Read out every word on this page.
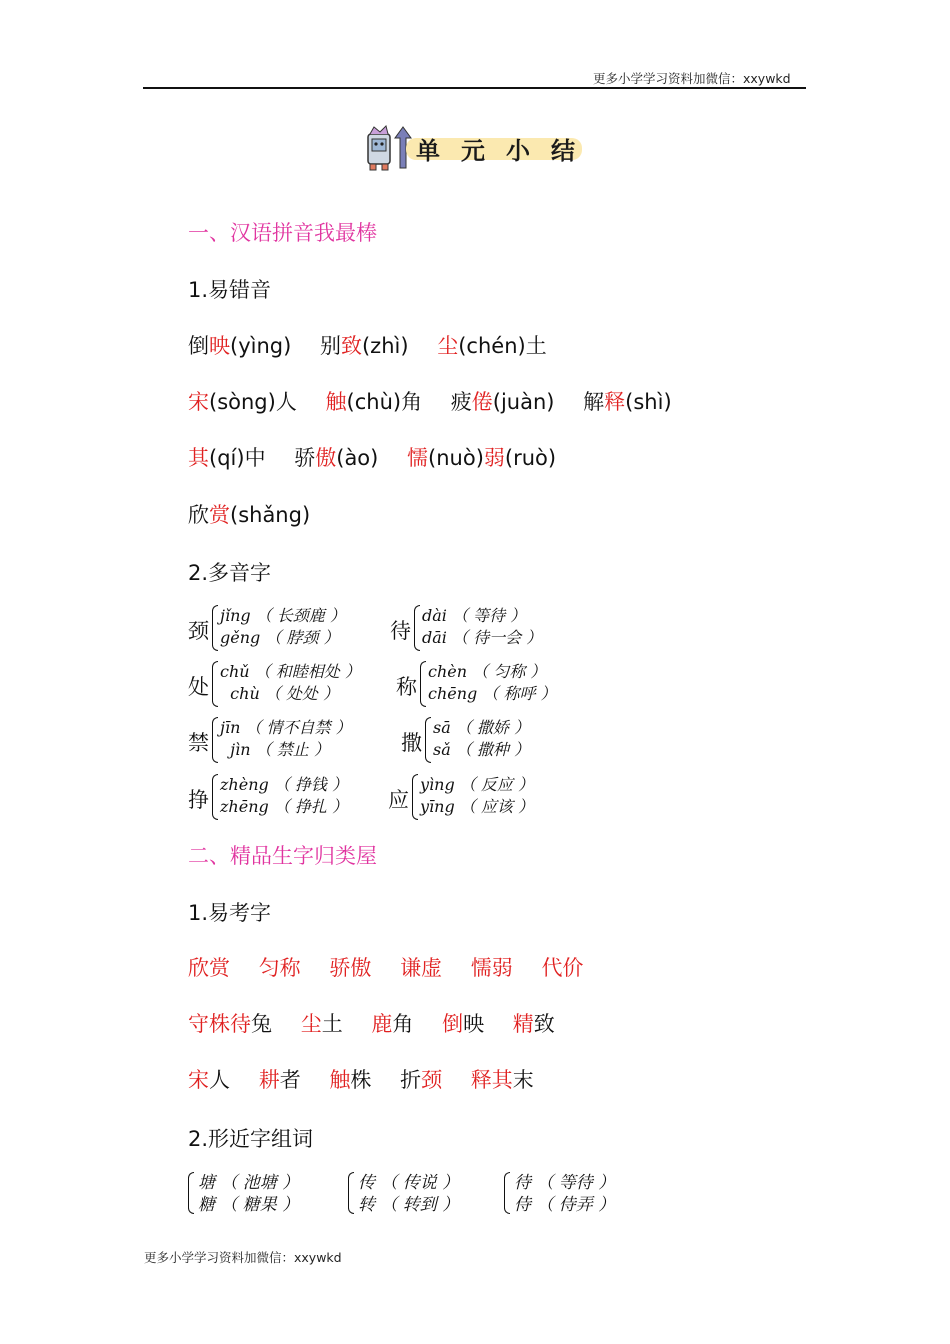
更多小学学习资料加微信：xxywkd
单元小结
一、汉语拼音我最棒
1.易错音
倒映(yìng) 别致(zhì) 尘(chén)土
宋(sòng)人 触(chù)角 疲倦(juàn) 解释(shì)
其(qí)中 骄傲(ào) 懦(nuò)弱(ruò)
欣赏(shǎng)
2.多音字
颈
jǐng （ 长颈鹿 ）
gěng （ 脖颈 ） 待
dài （ 等待 ）
dāi （ 待一会 ）
处
chǔ （ 和睦相处 ）
chù （ 处处 ）	称
chèn （ 匀称 ）
chēng （ 称呼 ）
禁
jīn （ 情不自禁 ）
jìn （ 禁止 ）	撒
sā （ 撒娇 ）
sǎ （ 撒种 ）
挣
zhèng （ 挣钱 ）
zhēng （ 挣扎 ） 应
yìng （ 反应 ）
yīng （ 应该 ）
二、精品生字归类屋
1.易考字
欣赏 匀称 骄傲 谦虚 懦弱 代价
守株待兔 尘土 鹿角 倒映 精致
宋人 耕者 触株 折颈 释其末
2.形近字组词
塘 （ 池塘 ）
糖 （ 糖果 ）
传 （ 传说 ）
转 （ 转到 ）
待 （ 等待 ）
侍 （ 侍弄 ）
更多小学学习资料加微信：xxywkd
